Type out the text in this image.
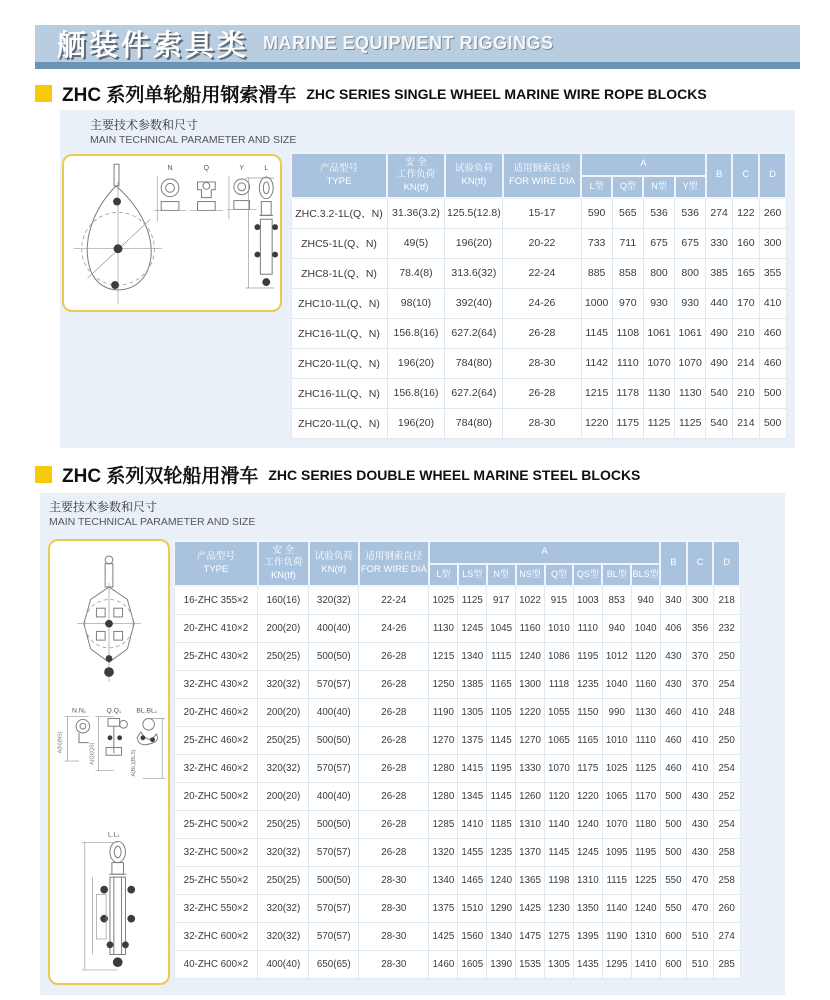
舾装件索具类 MARINE EQUIPMENT RIGGINGS
ZHC 系列单轮船用钢索滑车 ZHC SERIES SINGLE WHEEL MARINE WIRE ROPE BLOCKS
主要技术参数和尺寸
MAIN TECHNICAL PARAMETER AND SIZE
N	Q	Y	L	产品型号
TYPE

安 全
工作负荷
KN(tf)

试验负荷
KN(tf)

适用钢索直径
FOR WIRE DIA
	A	B	C	D
				L型	Q型	N型	Y型			
ZHC.3.2-1L(Q、N)	31.36(3.2)	125.5(12.8)	15-17	590	565	536	536	274	122	260
ZHC5-1L(Q、N)	49(5)	196(20)	20-22	733	711	675	675	330	160	300
ZHC8-1L(Q、N)	78.4(8)	313.6(32)	22-24	885	858	800	800	385	165	355
ZHC10-1L(Q、N)	98(10)	392(40)	24-26	1000	970	930	930	440	170	410
ZHC16-1L(Q、N)	156.8(16)	627.2(64)	26-28	1145	1108	1061	1061	490	210	460
ZHC20-1L(Q、N)	196(20)	784(80)	28-30	1142	1110	1070	1070	490	214	460
ZHC16-1L(Q、N)	156.8(16)	627.2(64)	26-28	1215	1178	1130	1130	540	210	500
ZHC20-1L(Q、N)	196(20)	784(80)	28-30	1220	1175	1125	1125	540	214	500
ZHC 系列双轮船用滑车 ZHC SERIES DOUBLE WHEEL MARINE STEEL BLOCKS
主要技术参数和尺寸
MAIN TECHNICAL PARAMETER AND SIZE
N.N₁
A(N)(NS)
Q.Q₁
A(Q)(QS)
BL.BL₁
A(BL)(BLS)
L.L₁
产品型号
TYPE

安 全
工作负荷
KN(tf)

试验负荷
KN(tf)

适用钢索直径
FOR WIRE DIA
	A	B	C	D
				L型	LS型	N型	NS型	Q型	QS型	BL型	BLS型			
16-ZHC 355×2	160(16)	320(32)	22-24	1025	1125	917	1022	915	1003	853	940	340	300	218
20-ZHC 410×2	200(20)	400(40)	24-26	1130	1245	1045	1160	1010	1110	940	1040	406	356	232
25-ZHC 430×2	250(25)	500(50)	26-28	1215	1340	1115	1240	1086	1195	1012	1120	430	370	250
32-ZHC 430×2	320(32)	570(57)	26-28	1250	1385	1165	1300	1118	1235	1040	1160	430	370	254
20-ZHC 460×2	200(20)	400(40)	26-28	1190	1305	1105	1220	1055	1150	990	1130	460	410	248
25-ZHC 460×2	250(25)	500(50)	26-28	1270	1375	1145	1270	1065	1165	1010	1110	460	410	250
32-ZHC 460×2	320(32)	570(57)	26-28	1280	1415	1195	1330	1070	1175	1025	1125	460	410	254
20-ZHC 500×2	200(20)	400(40)	26-28	1280	1345	1145	1260	1120	1220	1065	1170	500	430	252
25-ZHC 500×2	250(25)	500(50)	26-28	1285	1410	1185	1310	1140	1240	1070	1180	500	430	254
32-ZHC 500×2	320(32)	570(57)	26-28	1320	1455	1235	1370	1145	1245	1095	1195	500	430	258
25-ZHC 550×2	250(25)	500(50)	28-30	1340	1465	1240	1365	1198	1310	1115	1225	550	470	258
32-ZHC 550×2	320(32)	570(57)	28-30	1375	1510	1290	1425	1230	1350	1140	1240	550	470	260
32-ZHC 600×2	320(32)	570(57)	28-30	1425	1560	1340	1475	1275	1395	1190	1310	600	510	274
40-ZHC 600×2	400(40)	650(65)	28-30	1460	1605	1390	1535	1305	1435	1295	1410	600	510	285
